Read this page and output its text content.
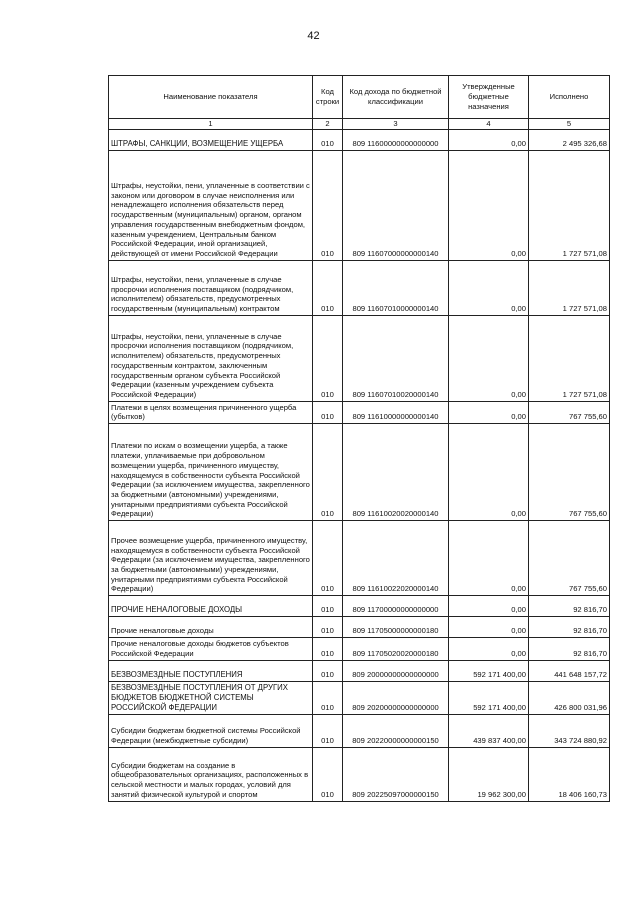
42
Наименование показателя	Код строки	Код дохода по бюджетной классификации	Утвержденные бюджетные назначения	Исполнено
1	2	3	4	5
ШТРАФЫ, САНКЦИИ, ВОЗМЕЩЕНИЕ УЩЕРБА	010	809 11600000000000000	0,00	2 495 326,68
Штрафы, неустойки, пени, уплаченные в соответствии с законом или договором в случае неисполнения или ненадлежащего исполнения обязательств перед государственным (муниципальным) органом, органом управления государственным внебюджетным фондом, казенным учреждением, Центральным банком Российской Федерации, иной организацией, действующей от имени Российской Федерации	010	809 11607000000000140	0,00	1 727 571,08
Штрафы, неустойки, пени, уплаченные в случае просрочки исполнения поставщиком (подрядчиком, исполнителем) обязательств, предусмотренных государственным (муниципальным) контрактом	010	809 11607010000000140	0,00	1 727 571,08
Штрафы, неустойки, пени, уплаченные в случае просрочки исполнения поставщиком (подрядчиком, исполнителем) обязательств, предусмотренных государственным контрактом, заключенным государственным органом субъекта Российской Федерации (казенным учреждением субъекта Российской Федерации)	010	809 11607010020000140	0,00	1 727 571,08
Платежи в целях возмещения причиненного ущерба (убытков)	010	809 11610000000000140	0,00	767 755,60
Платежи по искам о возмещении ущерба, а также платежи, уплачиваемые при добровольном возмещении ущерба, причиненного имуществу, находящемуся в собственности субъекта Российской Федерации (за исключением имущества, закрепленного за бюджетными (автономными) учреждениями, унитарными предприятиями субъекта Российской Федерации)	010	809 11610020020000140	0,00	767 755,60
Прочее возмещение ущерба, причиненного имуществу, находящемуся в собственности субъекта Российской Федерации (за исключением имущества, закрепленного за бюджетными (автономными) учреждениями, унитарными предприятиями субъекта Российской Федерации)	010	809 11610022020000140	0,00	767 755,60
ПРОЧИЕ НЕНАЛОГОВЫЕ ДОХОДЫ	010	809 11700000000000000	0,00	92 816,70
Прочие неналоговые доходы	010	809 11705000000000180	0,00	92 816,70
Прочие неналоговые доходы бюджетов субъектов Российской Федерации	010	809 11705020020000180	0,00	92 816,70
БЕЗВОЗМЕЗДНЫЕ ПОСТУПЛЕНИЯ	010	809 20000000000000000	592 171 400,00	441 648 157,72
БЕЗВОЗМЕЗДНЫЕ ПОСТУПЛЕНИЯ ОТ ДРУГИХ БЮДЖЕТОВ БЮДЖЕТНОЙ СИСТЕМЫ РОССИЙСКОЙ ФЕДЕРАЦИИ	010	809 20200000000000000	592 171 400,00	426 800 031,96
Субсидии бюджетам бюджетной системы Российской Федерации (межбюджетные субсидии)	010	809 20220000000000150	439 837 400,00	343 724 880,92
Субсидии бюджетам на создание в общеобразовательных организациях, расположенных в сельской местности и малых городах, условий для занятий физической культурой и спортом	010	809 20225097000000150	19 962 300,00	18 406 160,73
